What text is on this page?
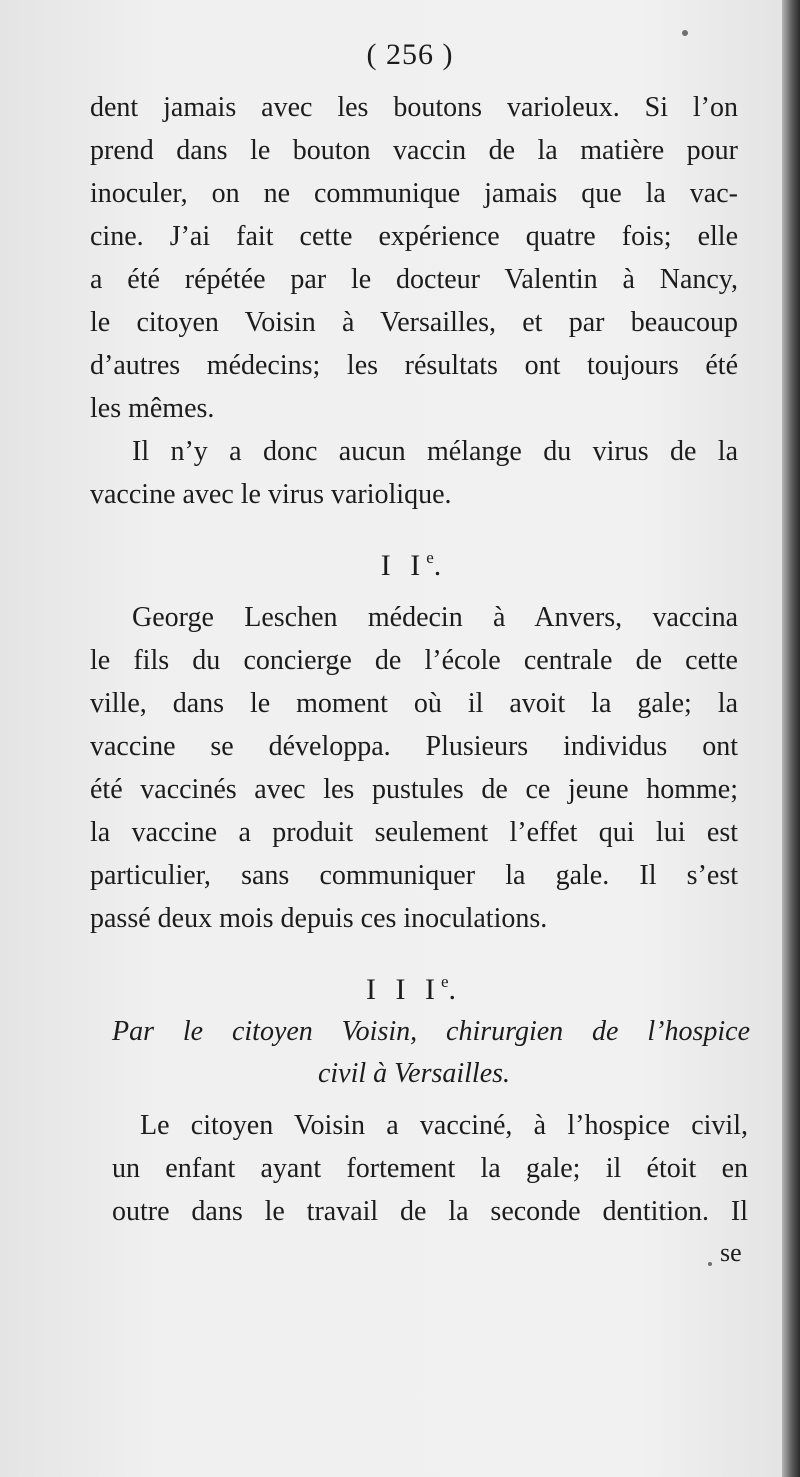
( 256 )
dent jamais avec les boutons varioleux. Si l’on
prend dans le bouton vaccin de la matière pour
inoculer, on ne communique jamais que la vac-
cine. J’ai fait cette expérience quatre fois; elle
a été répétée par le docteur Valentin à Nancy,
le citoyen Voisin à Versailles, et par beaucoup
d’autres médecins; les résultats ont toujours été
les mêmes.
Il n’y a donc aucun mélange du virus de la
vaccine avec le virus variolique.
I Ie.
George Leschen médecin à Anvers, vaccina
le fils du concierge de l’école centrale de cette
ville, dans le moment où il avoit la gale; la
vaccine se développa. Plusieurs individus ont
été vaccinés avec les pustules de ce jeune homme;
la vaccine a produit seulement l’effet qui lui est
particulier, sans communiquer la gale. Il s’est
passé deux mois depuis ces inoculations.
I I Ie.
Par le citoyen Voisin, chirurgien de l’hospice
civil à Versailles.
Le citoyen Voisin a vacciné, à l’hospice civil,
un enfant ayant fortement la gale; il étoit en
outre dans le travail de la seconde dentition. Il
se
